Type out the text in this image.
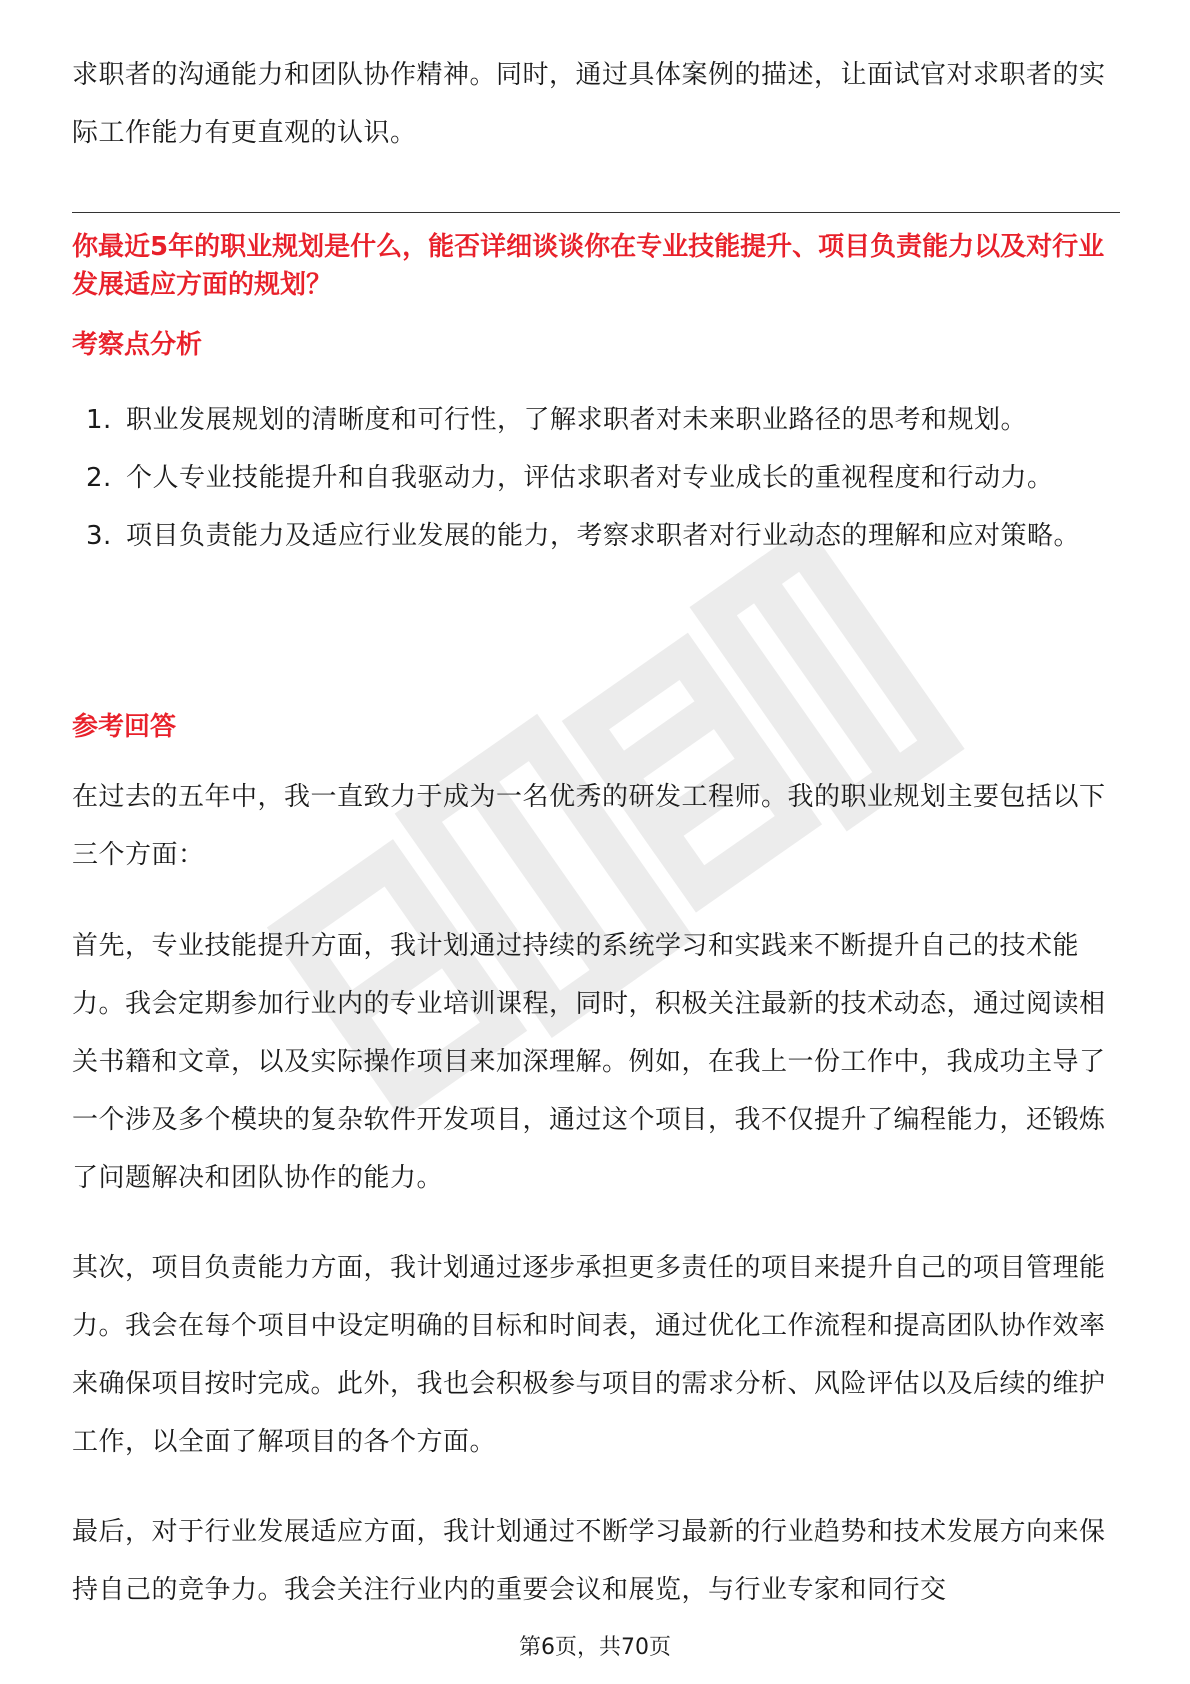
求职者的沟通能力和团队协作精神。同时，通过具体案例的描述，让面试官对求职者的实际工作能力有更直观的认识。

你最近5年的职业规划是什么，能否详细谈谈你在专业技能提升、项目负责能力以及对行业发展适应方面的规划？

考察点分析

1. 职业发展规划的清晰度和可行性，了解求职者对未来职业路径的思考和规划。
2. 个人专业技能提升和自我驱动力，评估求职者对专业成长的重视程度和行动力。
3. 项目负责能力及适应行业发展的能力，考察求职者对行业动态的理解和应对策略。

参考回答

在过去的五年中，我一直致力于成为一名优秀的研发工程师。我的职业规划主要包括以下三个方面：

首先，专业技能提升方面，我计划通过持续的系统学习和实践来不断提升自己的技术能力。我会定期参加行业内的专业培训课程，同时，积极关注最新的技术动态，通过阅读相关书籍和文章，以及实际操作项目来加深理解。例如，在我上一份工作中，我成功主导了一个涉及多个模块的复杂软件开发项目，通过这个项目，我不仅提升了编程能力，还锻炼了问题解决和团队协作的能力。

其次，项目负责能力方面，我计划通过逐步承担更多责任的项目来提升自己的项目管理能力。我会在每个项目中设定明确的目标和时间表，通过优化工作流程和提高团队协作效率来确保项目按时完成。此外，我也会积极参与项目的需求分析、风险评估以及后续的维护工作，以全面了解项目的各个方面。

最后，对于行业发展适应方面，我计划通过不断学习最新的行业趋势和技术发展方向来保持自己的竞争力。我会关注行业内的重要会议和展览，与行业专家和同行交

第6页，共70页
